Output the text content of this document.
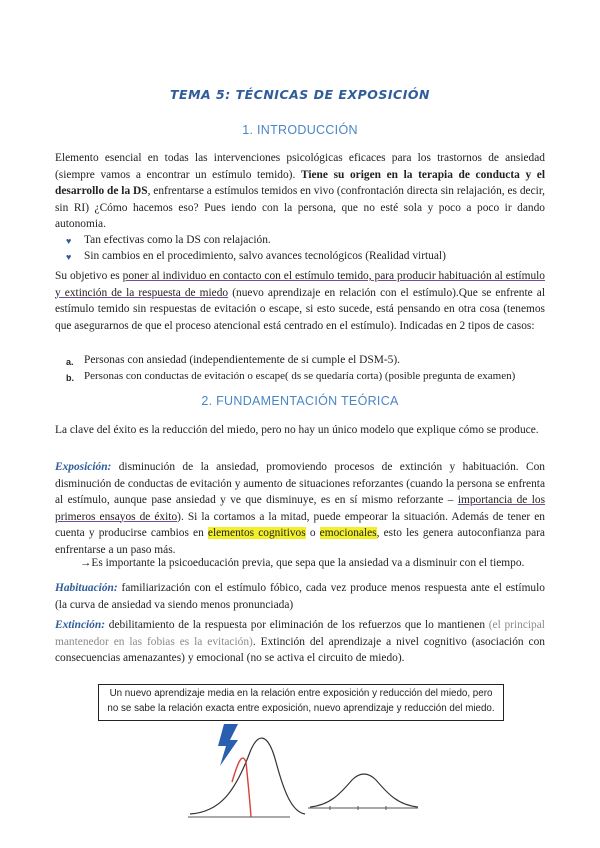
TEMA 5: TÉCNICAS DE EXPOSICIÓN
1. INTRODUCCIÓN
Elemento esencial en todas las intervenciones psicológicas eficaces para los trastornos de ansiedad (siempre vamos a encontrar un estímulo temido). Tiene su origen en la terapia de conducta y el desarrollo de la DS, enfrentarse a estímulos temidos en vivo (confrontación directa sin relajación, es decir, sin RI) ¿Cómo hacemos eso? Pues iendo con la persona, que no esté sola y poco a poco ir dando autonomia.
♥ Tan efectivas como la DS con relajación.
♥ Sin cambios en el procedimiento, salvo avances tecnológicos (Realidad virtual)
Su objetivo es poner al individuo en contacto con el estímulo temido, para producir habituación al estímulo y extinción de la respuesta de miedo (nuevo aprendizaje en relación con el estímulo).Que se enfrente al estímulo temido sin respuestas de evitación o escape, si esto sucede, está pensando en otra cosa (tenemos que asegurarnos de que el proceso atencional está centrado en el estímulo). Indicadas en 2 tipos de casos:
a. Personas con ansiedad (independientemente de si cumple el DSM-5).
b. Personas con conductas de evitación o escape( ds se quedaría corta) (posible pregunta de examen)
2. FUNDAMENTACIÓN TEÓRICA
La clave del éxito es la reducción del miedo, pero no hay un único modelo que explique cómo se produce.
Exposición: disminución de la ansiedad, promoviendo procesos de extinción y habituación. Con disminución de conductas de evitación y aumento de situaciones reforzantes (cuando la persona se enfrenta al estímulo, aunque pase ansiedad y ve que disminuye, es en sí mismo reforzante – importancia de los primeros ensayos de éxito). Si la cortamos a la mitad, puede empeorar la situación. Además de tener en cuenta y producirse cambios en elementos cognitivos o emocionales, esto les genera autoconfianza para enfrentarse a un paso más.
→Es importante la psicoeducación previa, que sepa que la ansiedad va a disminuir con el tiempo.
Habituación: familiarización con el estímulo fóbico, cada vez produce menos respuesta ante el estímulo (la curva de ansiedad va siendo menos pronunciada)
Extinción: debilitamiento de la respuesta por eliminación de los refuerzos que lo mantienen (el principal mantenedor en las fobias es la evitación). Extinción del aprendizaje a nivel cognitivo (asociación con consecuencias amenazantes) y emocional (no se activa el circuito de miedo).
Un nuevo aprendizaje media en la relación entre exposición y reducción del miedo, pero
no se sabe la relación exacta entre exposición, nuevo aprendizaje y reducción del miedo.
